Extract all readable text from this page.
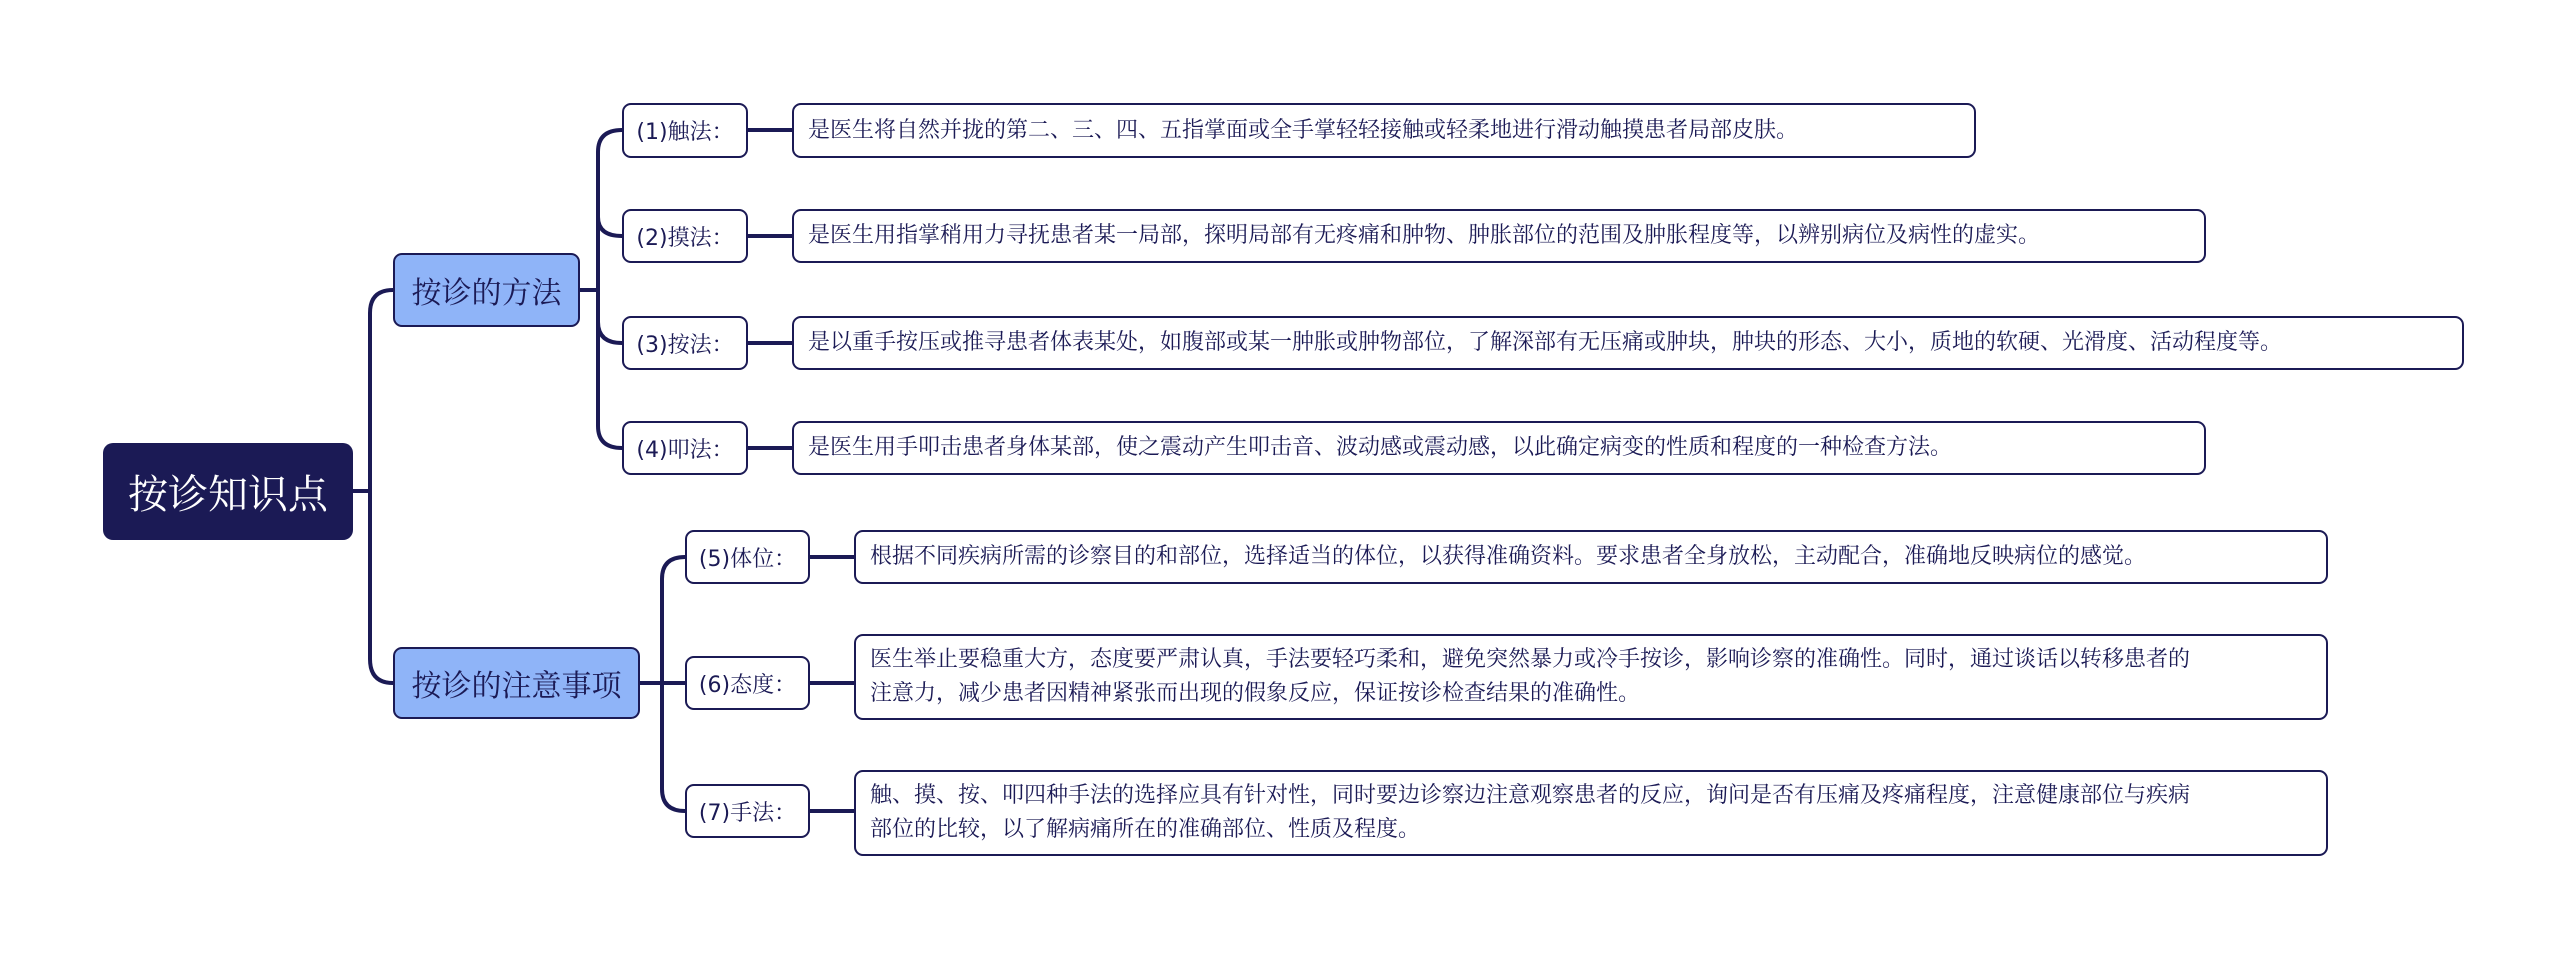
按诊知识点
按诊的方法
按诊的注意事项
(1)触法：	是医生将自然并拢的第二、三、四、五指掌面或全手掌轻轻接触或轻柔地进行滑动触摸患者局部皮肤。
(2)摸法：	是医生用指掌稍用力寻抚患者某一局部，探明局部有无疼痛和肿物、肿胀部位的范围及肿胀程度等，以辨别病位及病性的虚实。
(3)按法：	是以重手按压或推寻患者体表某处，如腹部或某一肿胀或肿物部位，了解深部有无压痛或肿块，肿块的形态、大小，质地的软硬、光滑度、活动程度等。
(4)叩法：	是医生用手叩击患者身体某部，使之震动产生叩击音、波动感或震动感，以此确定病变的性质和程度的一种检查方法。
(5)体位：	根据不同疾病所需的诊察目的和部位，选择适当的体位，以获得准确资料。要求患者全身放松，主动配合，准确地反映病位的感觉。
(6)态度：
医生举止要稳重大方，态度要严肃认真，手法要轻巧柔和，避免突然暴力或冷手按诊，影响诊察的准确性。同时，通过谈话以转移患者的
注意力，减少患者因精神紧张而出现的假象反应，保证按诊检查结果的准确性。
(7)手法：
触、摸、按、叩四种手法的选择应具有针对性，同时要边诊察边注意观察患者的反应，询问是否有压痛及疼痛程度，注意健康部位与疾病
部位的比较，以了解病痛所在的准确部位、性质及程度。
